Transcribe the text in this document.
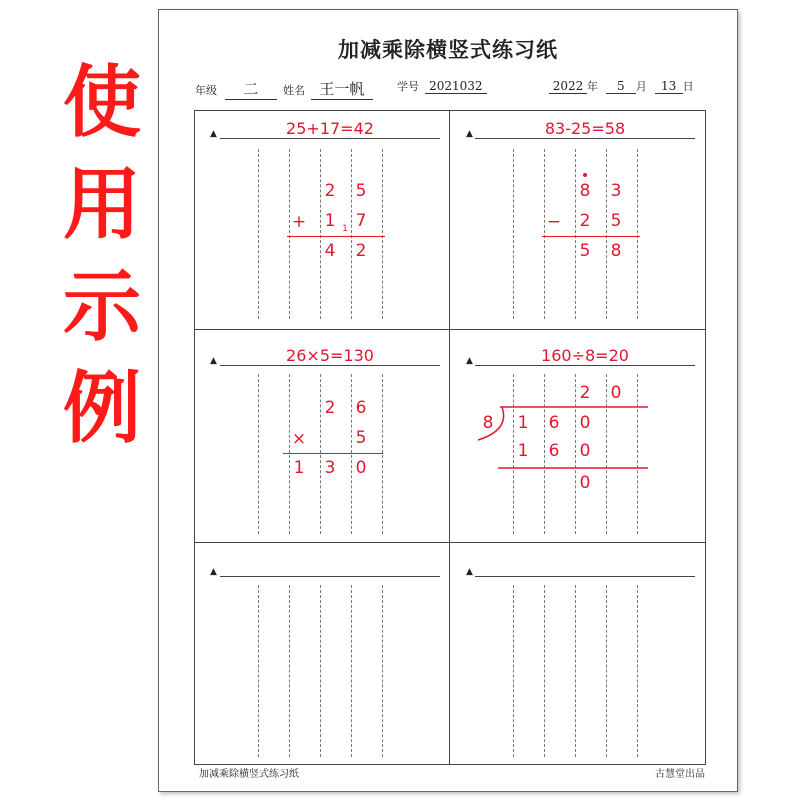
使
用
示
例
加减乘除横竖式练习纸
年级 二	姓名 王一帆	学号 2021032	2022 年 5 月 13 日
▲	25+17=42
2 5
+ 1 1 7
4 2
▲	83-25=58
8 3
− 2 5
5 8
▲	26×5=130
2 6
×	5
1 3 0
▲	160÷8=20
2 0
8 1 6 0
1 6 0
0
▲	▲
加减乘除横竖式练习纸	古慧堂出品
